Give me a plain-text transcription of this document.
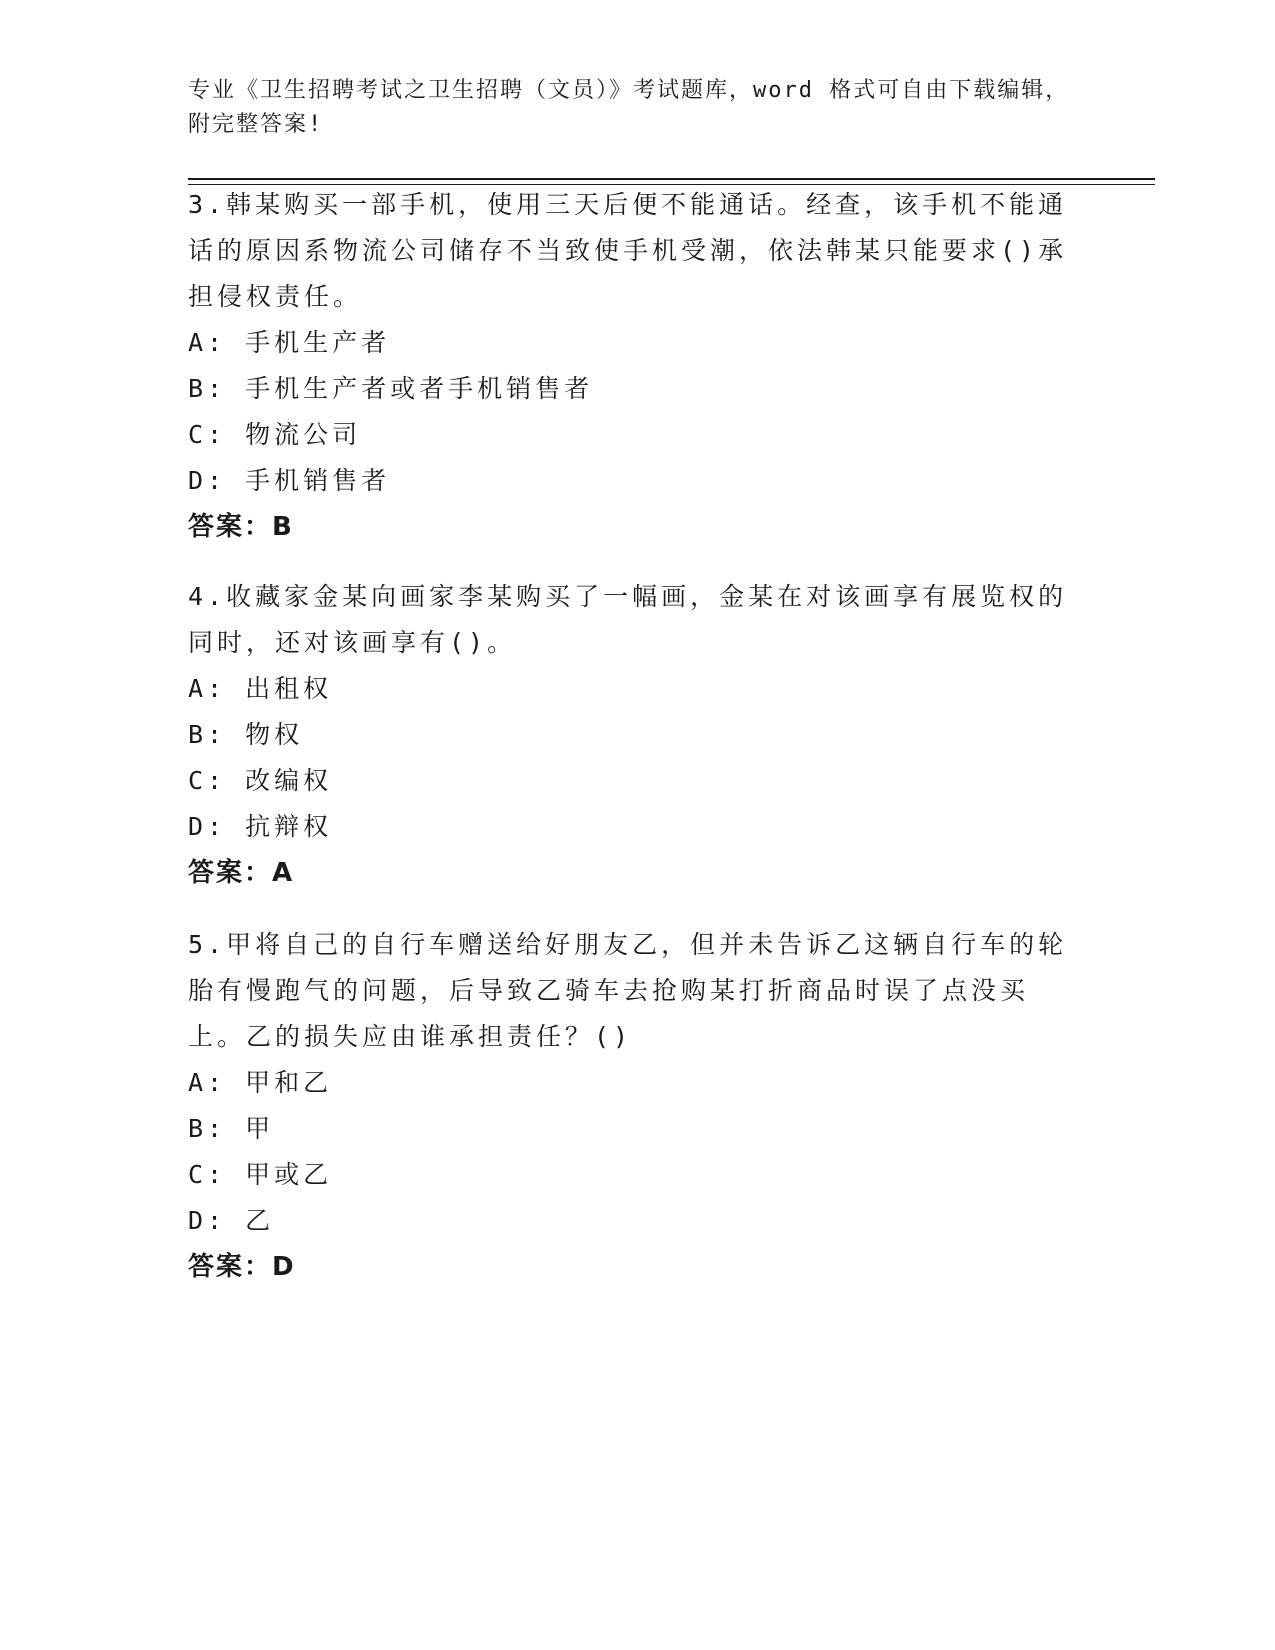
专业《卫生招聘考试之卫生招聘（文员）》考试题库，word 格式可自由下载编辑，附完整答案!
3.韩某购买一部手机，使用三天后便不能通话。经查，该手机不能通话的原因系物流公司储存不当致使手机受潮，依法韩某只能要求()承担侵权责任。
A: 手机生产者
B: 手机生产者或者手机销售者
C: 物流公司
D: 手机销售者
答案：B
4.收藏家金某向画家李某购买了一幅画，金某在对该画享有展览权的同时，还对该画享有()。
A: 出租权
B: 物权
C: 改编权
D: 抗辩权
答案：A
5.甲将自己的自行车赠送给好朋友乙，但并未告诉乙这辆自行车的轮胎有慢跑气的问题，后导致乙骑车去抢购某打折商品时误了点没买上。乙的损失应由谁承担责任？()
A: 甲和乙
B: 甲
C: 甲或乙
D: 乙
答案：D
